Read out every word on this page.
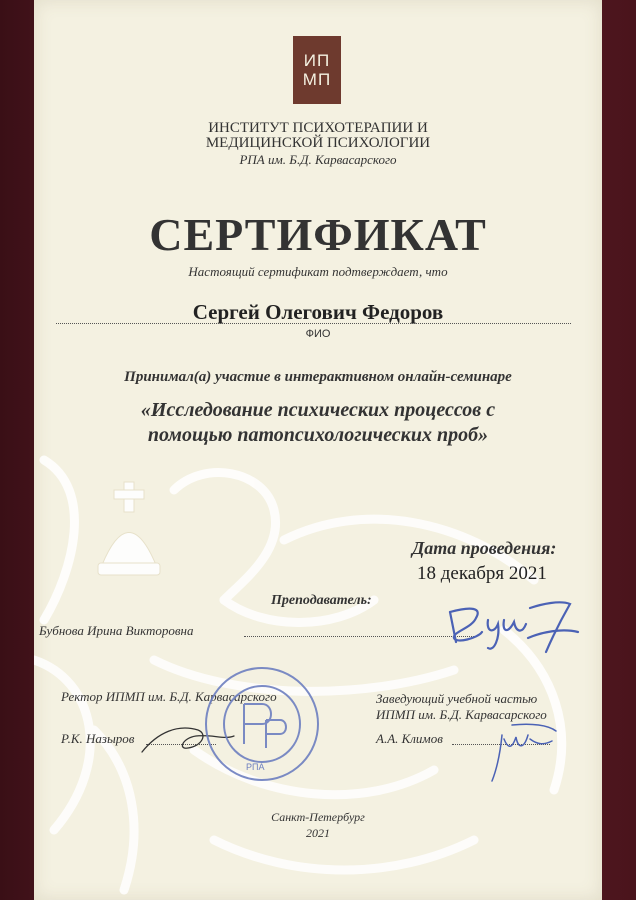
ИП
МП
ИНСТИТУТ ПСИХОТЕРАПИИ И
МЕДИЦИНСКОЙ ПСИХОЛОГИИ
РПА им. Б.Д. Карвасарского
СЕРТИФИКАТ
Настоящий сертификат подтверждает, что
Сергей Олегович Федоров
ФИО
Принимал(а) участие в интерактивном онлайн-семинаре
«Исследование психических процессов с
помощью патопсихологических проб»
Дата проведения:
18 декабря 2021
Преподаватель:
Бубнова Ирина Викторовна
Ректор ИПМП им. Б.Д. Карвасарского
Р.К. Назыров
РПА
Заведующий учебной частью
ИПМП им. Б.Д. Карвасарского
А.А. Климов
Санкт-Петербург
2021
